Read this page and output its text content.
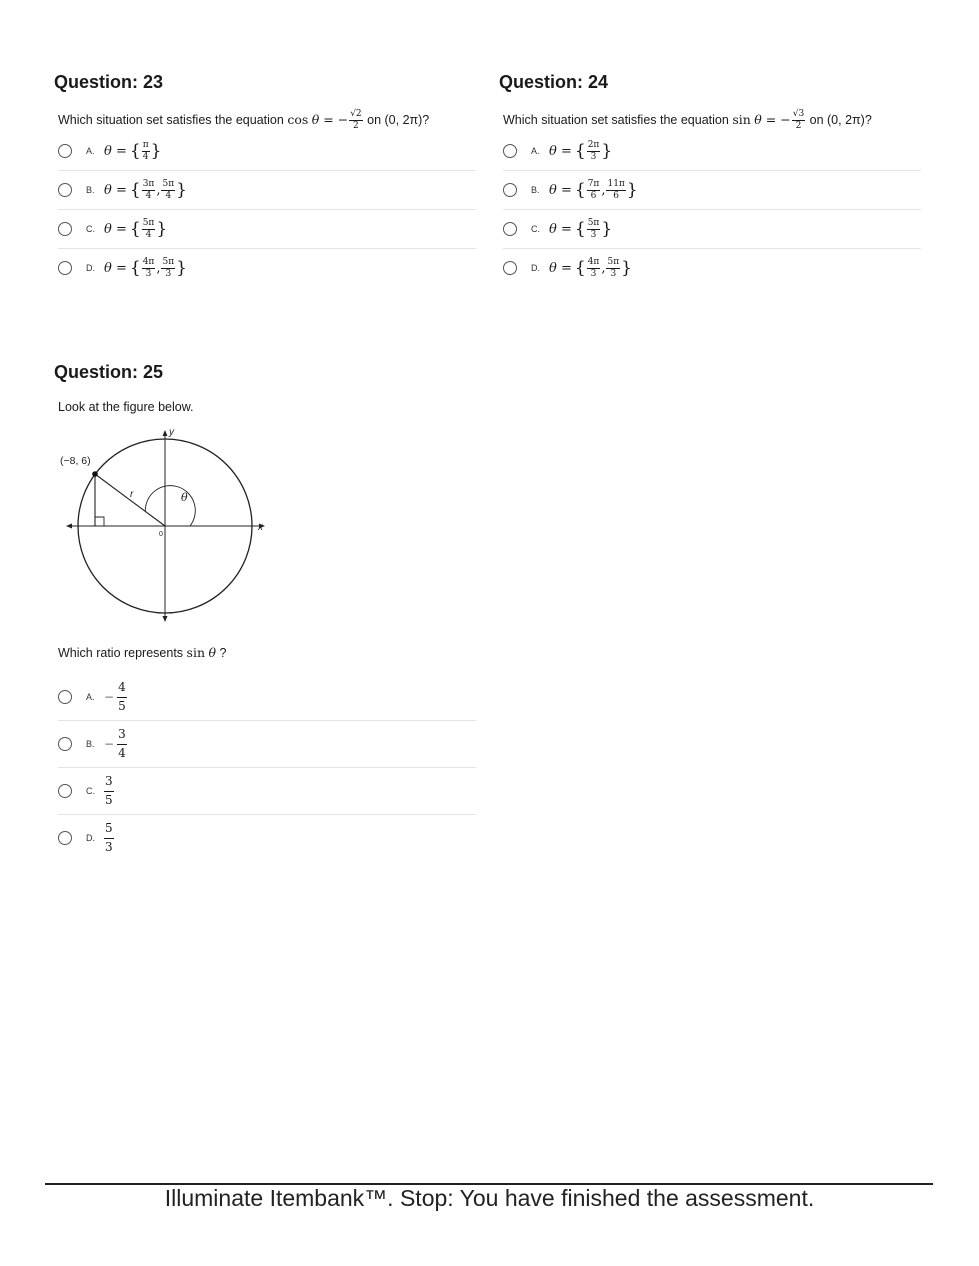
Question: 23
Which situation set satisfies the equation cos θ = − $\frac{√2}{2}$ on (0, 2π)?
A. θ = { $\frac{\pi}{4}$ }
B. θ = { $\frac{3\pi}{4}$ , $\frac{5\pi}{4}$ }
C. θ = { $\frac{5\pi}{4}$ }
D. θ = { $\frac{4\pi}{3}$ , $\frac{5\pi}{3}$ }
Question: 24
Which situation set satisfies the equation sin θ = − $\frac{√3}{2}$ on (0, 2π)?
A. θ = { $\frac{2\pi}{3}$ }
B. θ = { $\frac{7\pi}{6}$ , $\frac{11\pi}{6}$ }
C. θ = { $\frac{5\pi}{3}$ }
D. θ = { $\frac{4\pi}{3}$ , $\frac{5\pi}{3}$ }
Question: 25
Look at the figure below.
(−8, 6)
y
x
r	θ
0
Which ratio represents sin θ ?
A. − $\frac{4}{5}$
B. − $\frac{3}{4}$
C. $\frac{3}{5}$
D. $\frac{5}{3}$
Illuminate Itembank™. Stop: You have finished the assessment.
